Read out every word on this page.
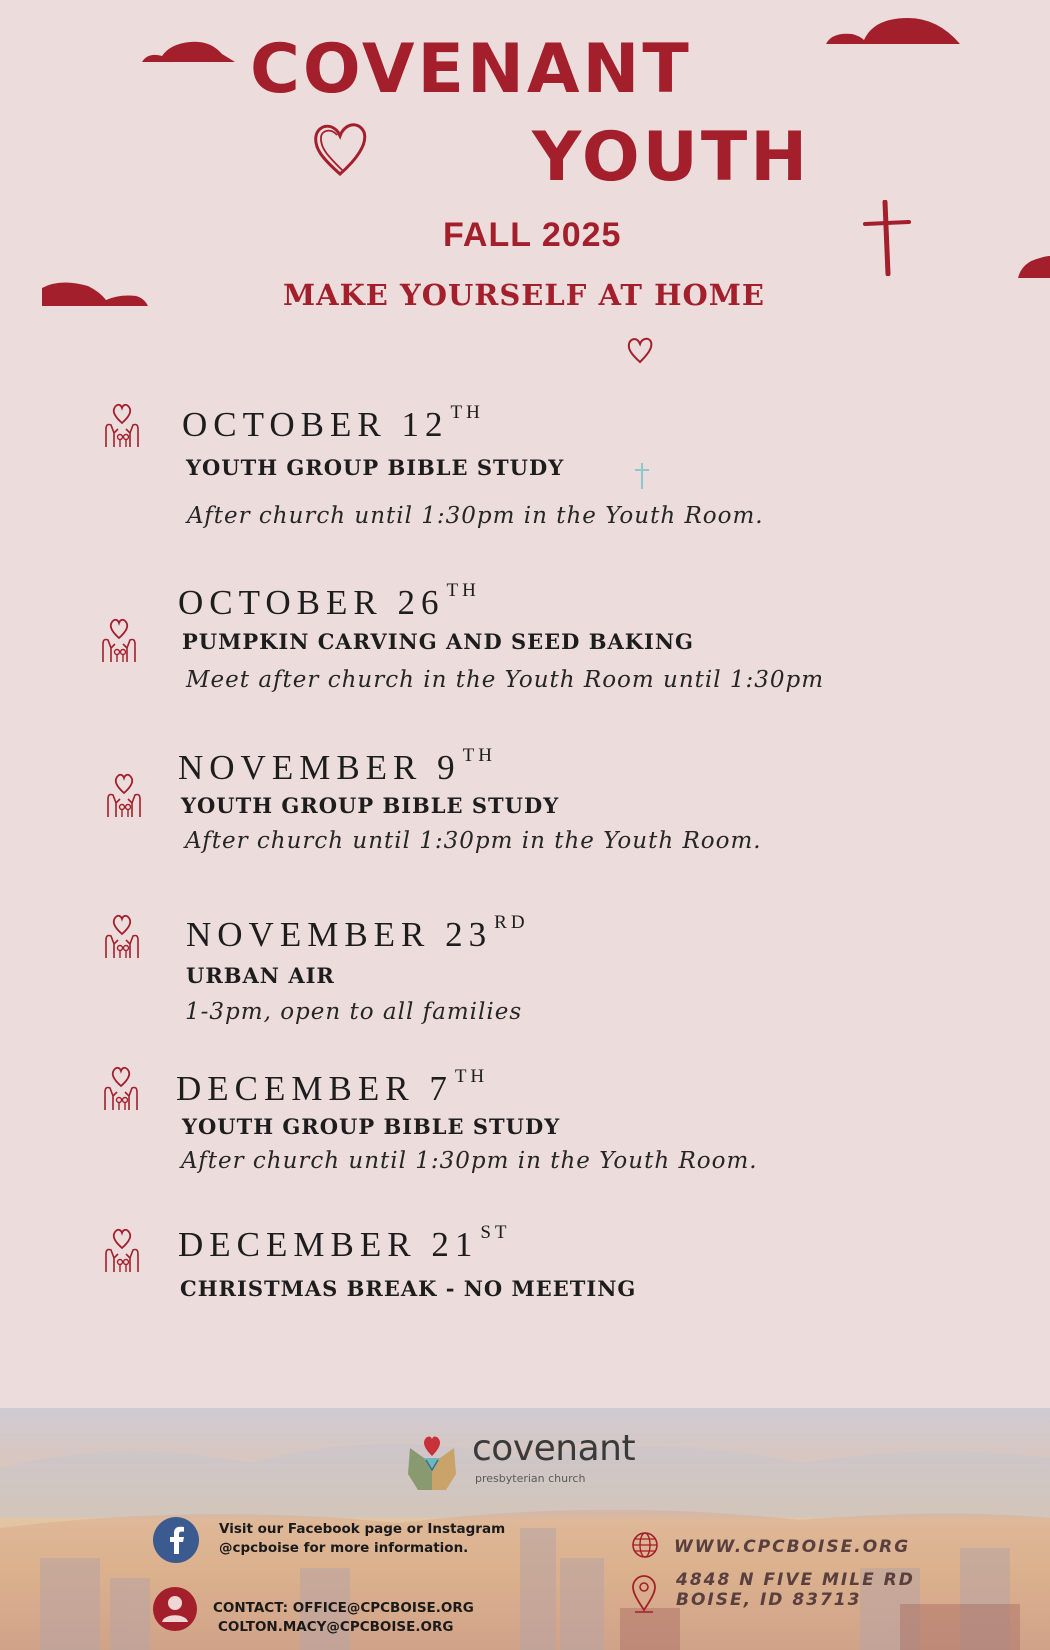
COVENANT
YOUTH
FALL 2025
MAKE YOURSELF AT HOME
OCTOBER 12 $^{TH}$
YOUTH GROUP BIBLE STUDY
After church until 1:30pm in the Youth Room.
OCTOBER 26 $^{TH}$
PUMPKIN CARVING AND SEED BAKING
Meet after church in the Youth Room until 1:30pm
NOVEMBER 9 $^{TH}$
YOUTH GROUP BIBLE STUDY
After church until 1:30pm in the Youth Room.
NOVEMBER 23 $^{RD}$
URBAN AIR
1-3pm, open to all families
DECEMBER 7 $^{TH}$
YOUTH GROUP BIBLE STUDY
After church until 1:30pm in the Youth Room.
DECEMBER 21 $^{ST}$
CHRISTMAS BREAK - NO MEETING
covenant
presbyterian church
Visit our Facebook page or Instagram
@cpcboise for more information.
CONTACT: OFFICE@CPCBOISE.ORG
COLTON.MACY@CPCBOISE.ORG
WWW.CPCBOISE.ORG
4848 N FIVE MILE RD
BOISE, ID 83713
